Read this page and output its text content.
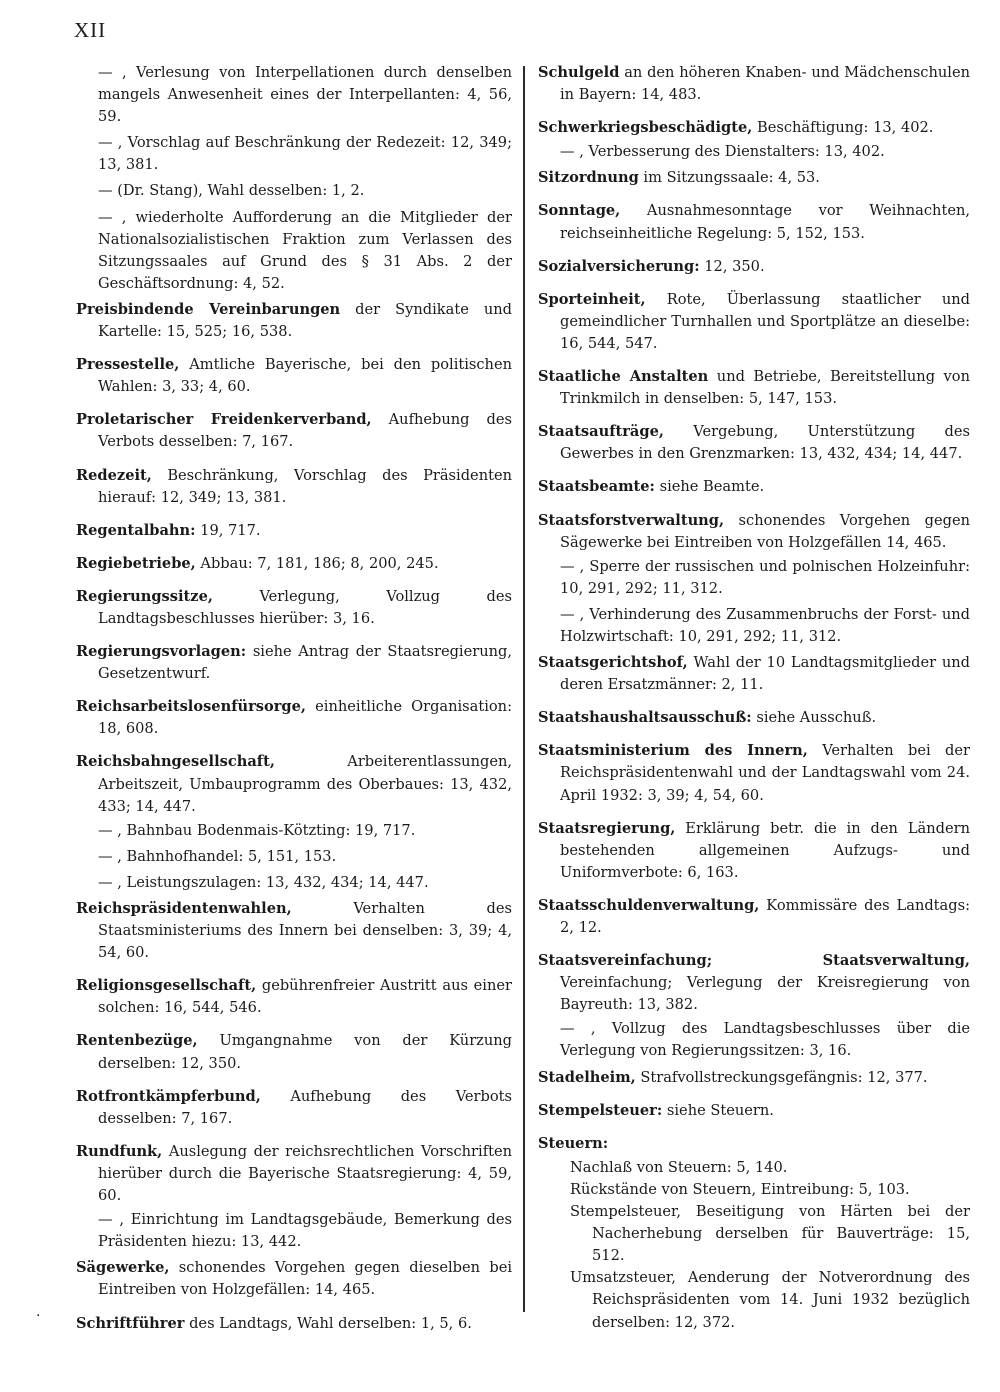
XII
— , Verlesung von Interpellationen durch denselben mangels Anwesenheit eines der Interpellanten: 4, 56, 59.
— , Vorschlag auf Beschränkung der Redezeit: 12, 349; 13, 381.
— (Dr. Stang), Wahl desselben: 1, 2.
— , wiederholte Aufforderung an die Mitglieder der Nationalsozialistischen Fraktion zum Verlassen des Sitzungssaales auf Grund des § 31 Abs. 2 der Geschäftsordnung: 4, 52.
Preisbindende Vereinbarungen der Syndikate und Kartelle: 15, 525; 16, 538.
Pressestelle, Amtliche Bayerische, bei den politischen Wahlen: 3, 33; 4, 60.
Proletarischer Freidenkerverband, Aufhebung des Verbots desselben: 7, 167.
Redezeit, Beschränkung, Vorschlag des Präsidenten hierauf: 12, 349; 13, 381.
Regentalbahn: 19, 717.
Regiebetriebe, Abbau: 7, 181, 186; 8, 200, 245.
Regierungssitze, Verlegung, Vollzug des Landtagsbeschlusses hierüber: 3, 16.
Regierungsvorlagen: siehe Antrag der Staatsregierung, Gesetzentwurf.
Reichsarbeitslosenfürsorge, einheitliche Organisation: 18, 608.
Reichsbahngesellschaft, Arbeiterentlassungen, Arbeitszeit, Umbauprogramm des Oberbaues: 13, 432, 433; 14, 447.
— , Bahnbau Bodenmais-Kötzting: 19, 717.
— , Bahnhofhandel: 5, 151, 153.
— , Leistungszulagen: 13, 432, 434; 14, 447.
Reichspräsidentenwahlen, Verhalten des Staatsministeriums des Innern bei denselben: 3, 39; 4, 54, 60.
Religionsgesellschaft, gebührenfreier Austritt aus einer solchen: 16, 544, 546.
Rentenbezüge, Umgangnahme von der Kürzung derselben: 12, 350.
Rotfrontkämpferbund, Aufhebung des Verbots desselben: 7, 167.
Rundfunk, Auslegung der reichsrechtlichen Vorschriften hierüber durch die Bayerische Staatsregierung: 4, 59, 60.
— , Einrichtung im Landtagsgebäude, Bemerkung des Präsidenten hiezu: 13, 442.
Sägewerke, schonendes Vorgehen gegen dieselben bei Eintreiben von Holzgefällen: 14, 465.
Schriftführer des Landtags, Wahl derselben: 1, 5, 6.
Schulgeld an den höheren Knaben- und Mädchenschulen in Bayern: 14, 483.
Schwerkriegsbeschädigte, Beschäftigung: 13, 402.
— , Verbesserung des Dienstalters: 13, 402.
Sitzordnung im Sitzungssaale: 4, 53.
Sonntage, Ausnahmesonntage vor Weihnachten, reichseinheitliche Regelung: 5, 152, 153.
Sozialversicherung: 12, 350.
Sporteinheit, Rote, Überlassung staatlicher und gemeindlicher Turnhallen und Sportplätze an dieselbe: 16, 544, 547.
Staatliche Anstalten und Betriebe, Bereitstellung von Trinkmilch in denselben: 5, 147, 153.
Staatsaufträge, Vergebung, Unterstützung des Gewerbes in den Grenzmarken: 13, 432, 434; 14, 447.
Staatsbeamte: siehe Beamte.
Staatsforstverwaltung, schonendes Vorgehen gegen Sägewerke bei Eintreiben von Holzgefällen 14, 465.
— , Sperre der russischen und polnischen Holzeinfuhr: 10, 291, 292; 11, 312.
— , Verhinderung des Zusammenbruchs der Forst- und Holzwirtschaft: 10, 291, 292; 11, 312.
Staatsgerichtshof, Wahl der 10 Landtagsmitglieder und deren Ersatzmänner: 2, 11.
Staatshaushaltsausschuß: siehe Ausschuß.
Staatsministerium des Innern, Verhalten bei der Reichspräsidentenwahl und der Landtagswahl vom 24. April 1932: 3, 39; 4, 54, 60.
Staatsregierung, Erklärung betr. die in den Ländern bestehenden allgemeinen Aufzugs- und Uniformverbote: 6, 163.
Staatsschuldenverwaltung, Kommissäre des Landtags: 2, 12.
Staatsvereinfachung; Staatsverwaltung, Vereinfachung; Verlegung der Kreisregierung von Bayreuth: 13, 382.
— , Vollzug des Landtagsbeschlusses über die Verlegung von Regierungssitzen: 3, 16.
Stadelheim, Strafvollstreckungsgefängnis: 12, 377.
Stempelsteuer: siehe Steuern.
Steuern:
Nachlaß von Steuern: 5, 140.
Rückstände von Steuern, Eintreibung: 5, 103.
Stempelsteuer, Beseitigung von Härten bei der Nacherhebung derselben für Bauverträge: 15, 512.
Umsatzsteuer, Aenderung der Notverordnung des Reichspräsidenten vom 14. Juni 1932 bezüglich derselben: 12, 372.
.
